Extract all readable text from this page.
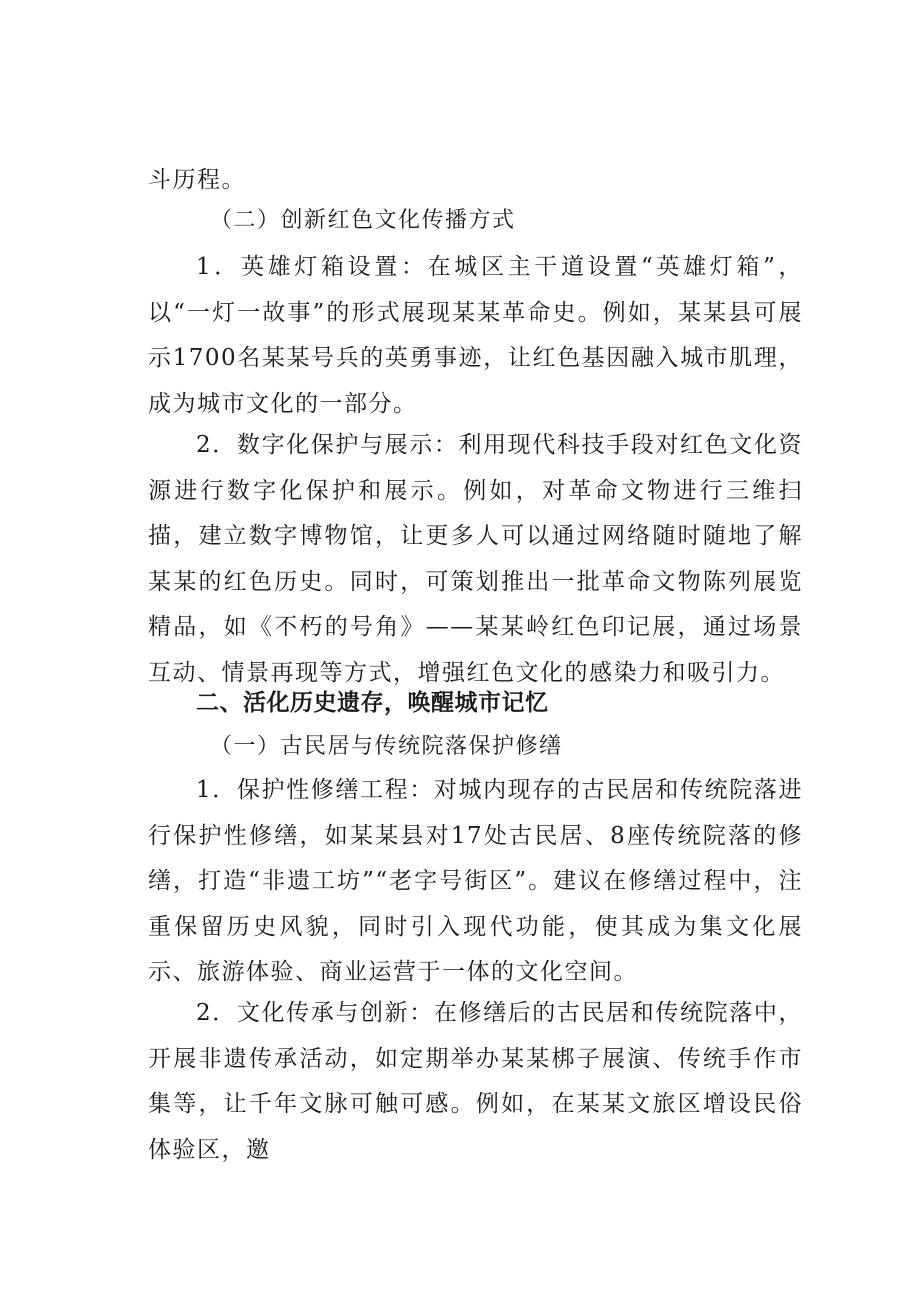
斗历程。

（二）创新红色文化传播方式

1．英雄灯箱设置：在城区主干道设置“英雄灯箱”，以“一灯一故事”的形式展现某某革命史。例如，某某县可展示1700名某某号兵的英勇事迹，让红色基因融入城市肌理，成为城市文化的一部分。

2．数字化保护与展示：利用现代科技手段对红色文化资源进行数字化保护和展示。例如，对革命文物进行三维扫描，建立数字博物馆，让更多人可以通过网络随时随地了解某某的红色历史。同时，可策划推出一批革命文物陈列展览精品，如《不朽的号角》——某某岭红色印记展，通过场景互动、情景再现等方式，增强红色文化的感染力和吸引力。

二、活化历史遗存，唤醒城市记忆

（一）古民居与传统院落保护修缮

1．保护性修缮工程：对城内现存的古民居和传统院落进行保护性修缮，如某某县对17处古民居、8座传统院落的修缮，打造“非遗工坊”“老字号街区”。建议在修缮过程中，注重保留历史风貌，同时引入现代功能，使其成为集文化展示、旅游体验、商业运营于一体的文化空间。

2．文化传承与创新：在修缮后的古民居和传统院落中，开展非遗传承活动，如定期举办某某梆子展演、传统手作市集等，让千年文脉可触可感。例如，在某某文旅区增设民俗体验区，邀
